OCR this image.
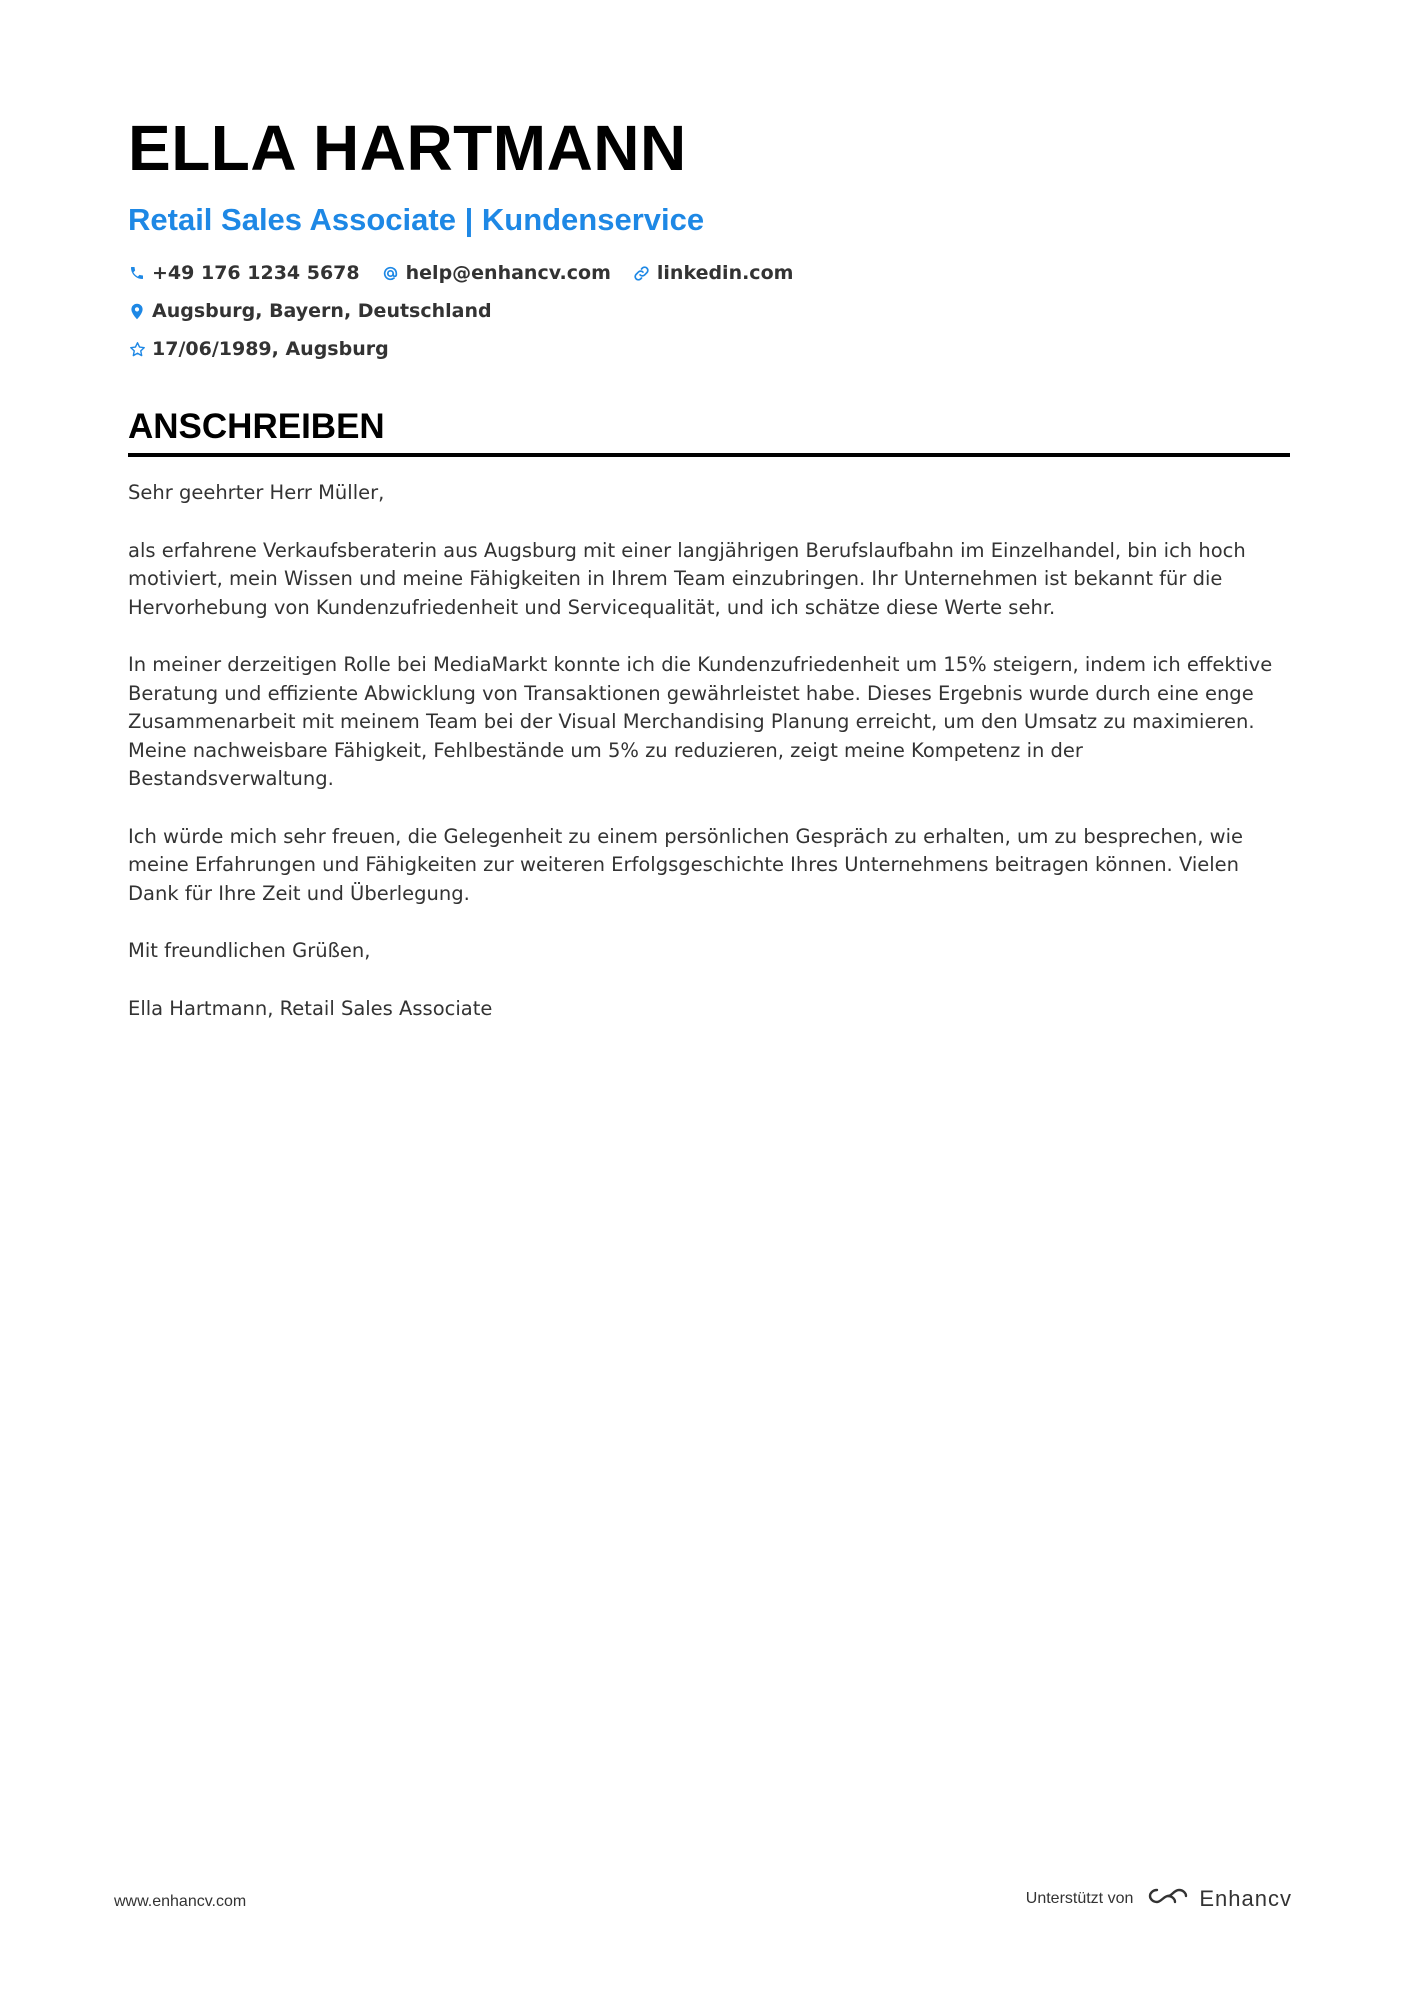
ELLA HARTMANN
Retail Sales Associate | Kundenservice
+49 176 1234 5678 help@enhancv.com linkedin.com
Augsburg, Bayern, Deutschland
17/06/1989, Augsburg
ANSCHREIBEN

Sehr geehrter Herr Müller,

als erfahrene Verkaufsberaterin aus Augsburg mit einer langjährigen Berufslaufbahn im Einzelhandel, bin ich hoch motiviert, mein Wissen und meine Fähigkeiten in Ihrem Team einzubringen. Ihr Unternehmen ist bekannt für die Hervorhebung von Kundenzufriedenheit und Servicequalität, und ich schätze diese Werte sehr.

In meiner derzeitigen Rolle bei MediaMarkt konnte ich die Kundenzufriedenheit um 15% steigern, indem ich effektive Beratung und effiziente Abwicklung von Transaktionen gewährleistet habe. Dieses Ergebnis wurde durch eine enge Zusammenarbeit mit meinem Team bei der Visual Merchandising Planung erreicht, um den Umsatz zu maximieren. Meine nachweisbare Fähigkeit, Fehlbestände um 5% zu reduzieren, zeigt meine Kompetenz in der Bestandsverwaltung.

Ich würde mich sehr freuen, die Gelegenheit zu einem persönlichen Gespräch zu erhalten, um zu besprechen, wie meine Erfahrungen und Fähigkeiten zur weiteren Erfolgsgeschichte Ihres Unternehmens beitragen können. Vielen Dank für Ihre Zeit und Überlegung.

Mit freundlichen Grüßen,

Ella Hartmann, Retail Sales Associate

www.enhancv.com	Unterstützt von	Enhancv
